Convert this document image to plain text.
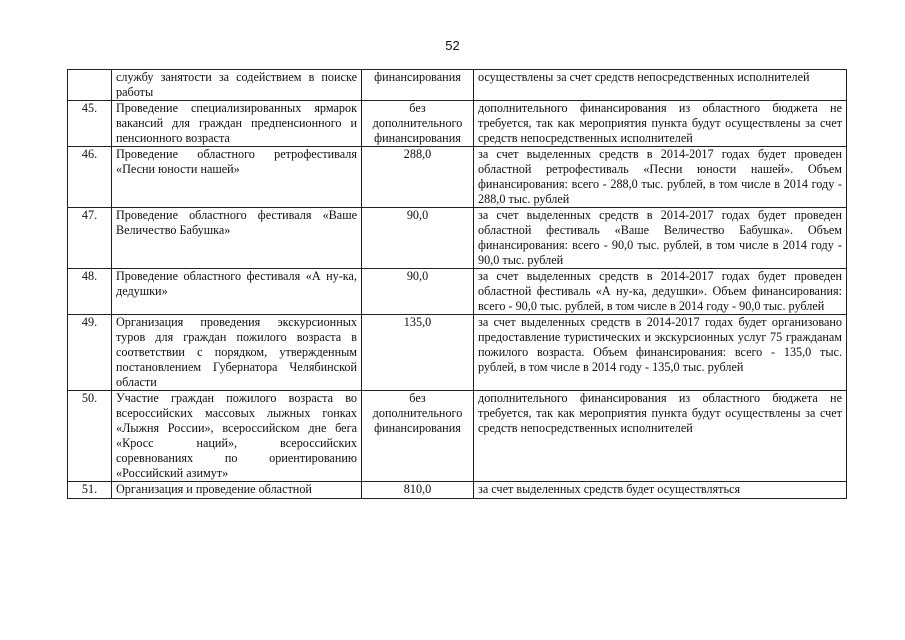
52
	службу занятости за содействием в поиске работы	финансирования	осуществлены за счет средств непосредственных исполнителей
45.	Проведение специализированных ярмарок вакансий для граждан предпенсионного и пенсионного возраста	без дополнительного финансирования	дополнительного финансирования из областного бюджета не требуется, так как мероприятия пункта будут осуществлены за счет средств непосредственных исполнителей
46.	Проведение областного ретрофестиваля «Песни юности нашей»	288,0	за счет выделенных средств в 2014-2017 годах будет проведен областной ретрофестиваль «Песни юности нашей». Объем финансирования: всего - 288,0 тыс. рублей, в том числе в 2014 году - 288,0 тыс. рублей
47.	Проведение областного фестиваля «Ваше Величество Бабушка»	90,0	за счет выделенных средств в 2014-2017 годах будет проведен областной фестиваль «Ваше Величество Бабушка». Объем финансирования: всего - 90,0 тыс. рублей, в том числе в 2014 году - 90,0 тыс. рублей
48.	Проведение областного фестиваля «А ну-ка, дедушки»	90,0	за счет выделенных средств в 2014-2017 годах будет проведен областной фестиваль «А ну-ка, дедушки». Объем финансирования: всего - 90,0 тыс. рублей, в том числе в 2014 году - 90,0 тыс. рублей
49.	Организация проведения экскурсионных туров для граждан пожилого возраста в соответствии с порядком, утвержденным постановлением Губернатора Челябинской области	135,0	за счет выделенных средств в 2014-2017 годах будет организовано предоставление туристических и экскурсионных услуг 75 гражданам пожилого возраста. Объем финансирования: всего - 135,0 тыс. рублей, в том числе в 2014 году - 135,0 тыс. рублей
50.	Участие граждан пожилого возраста во всероссийских массовых лыжных гонках «Лыжня России», всероссийском дне бега «Кросс наций», всероссийских соревнованиях по ориентированию «Российский азимут»	без дополнительного финансирования	дополнительного финансирования из областного бюджета не требуется, так как мероприятия пункта будут осуществлены за счет средств непосредственных исполнителей
51.	Организация и проведение областной	810,0	за счет выделенных средств будет осуществляться
